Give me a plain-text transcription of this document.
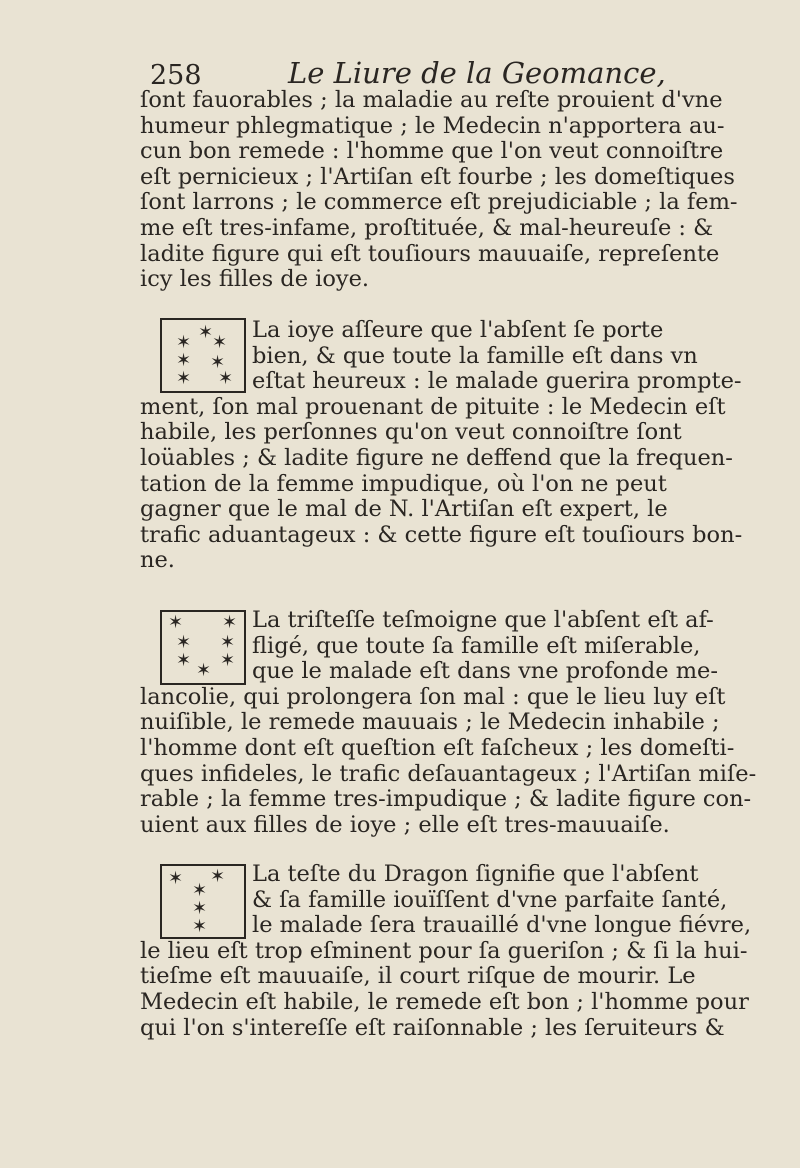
258	Le Liure de la Geomance,
ſont fauorables ; la maladie au reſte prouient d'vne
humeur phlegmatique ; le Medecin n'apportera au-
cun bon remede : l'homme que l'on veut connoiſtre
eſt pernicieux ; l'Artiſan eſt fourbe ; les domeſtiques
ſont larrons ; le commerce eſt prejudiciable ; la fem-
me eſt tres-infame, proſtituée, & mal-heureuſe : &
ladite figure qui eſt touſiours mauuaiſe, repreſente
icy les filles de ioye.
✶
✶ ✶
✶ ✶
✶ ✶
La ioye aſſeure que l'abſent ſe porte
bien, & que toute la famille eſt dans vn
eſtat heureux : le malade guerira prompte-
ment, ſon mal prouenant de pituite : le Medecin eſt
habile, les perſonnes qu'on veut connoiſtre ſont
loüables ; & ladite figure ne deffend que la frequen-
tation de la femme impudique, où l'on ne peut
gagner que le mal de N. l'Artiſan eſt expert, le
trafic aduantageux : & cette figure eſt touſiours bon-
ne.
✶ ✶
✶ ✶
✶ ✶
✶
La triſteſſe teſmoigne que l'abſent eſt af-
fligé, que toute ſa famille eſt miſerable,
que le malade eſt dans vne profonde me-
lancolie, qui prolongera ſon mal : que le lieu luy eſt
nuiſible, le remede mauuais ; le Medecin inhabile ;
l'homme dont eſt queſtion eſt faſcheux ; les domeſti-
ques infideles, le trafic deſauantageux ; l'Artiſan miſe-
rable ; la femme tres-impudique ; & ladite figure con-
uient aux filles de ioye ; elle eſt tres-mauuaiſe.
✶ ✶
✶
✶
✶
La teſte du Dragon ſignifie que l'abſent
& ſa famille iouïſſent d'vne parfaite ſanté,
le malade ſera trauaillé d'vne longue fiévre,
le lieu eſt trop eſminent pour ſa gueriſon ; & ſi la hui-
tieſme eſt mauuaiſe, il court riſque de mourir. Le
Medecin eſt habile, le remede eſt bon ; l'homme pour
qui l'on s'intereſſe eſt raiſonnable ; les ſeruiteurs &
